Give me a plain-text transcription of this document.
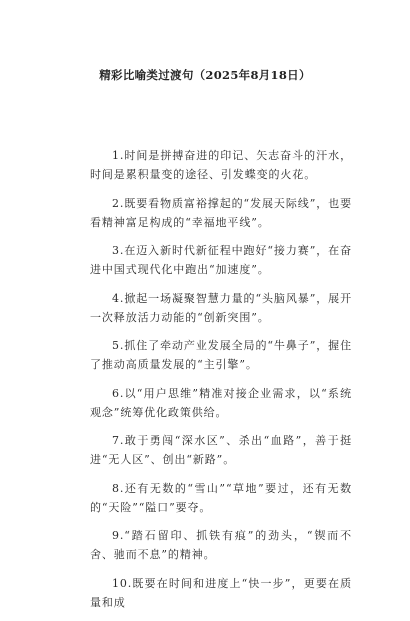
精彩比喻类过渡句（2025年8月18日）

1.时间是拼搏奋进的印记、矢志奋斗的汗水，时间是累积量变的途径、引发蝶变的火花。

2.既要看物质富裕撑起的“发展天际线”，也要看精神富足构成的“幸福地平线”。

3.在迈入新时代新征程中跑好“接力赛”，在奋进中国式现代化中跑出“加速度”。

4.掀起一场凝聚智慧力量的“头脑风暴”，展开一次释放活力动能的“创新突围”。

5.抓住了牵动产业发展全局的“牛鼻子”，握住了推动高质量发展的“主引擎”。

6.以“用户思维”精准对接企业需求，以“系统观念”统筹优化政策供给。

7.敢于勇闯“深水区”、杀出“血路”，善于挺进“无人区”、创出“新路”。

8.还有无数的“雪山”“草地”要过，还有无数的“天险”“隘口”要夺。

9.“踏石留印、抓铁有痕”的劲头，“锲而不舍、驰而不息”的精神。

10.既要在时间和进度上“快一步”，更要在质量和成
